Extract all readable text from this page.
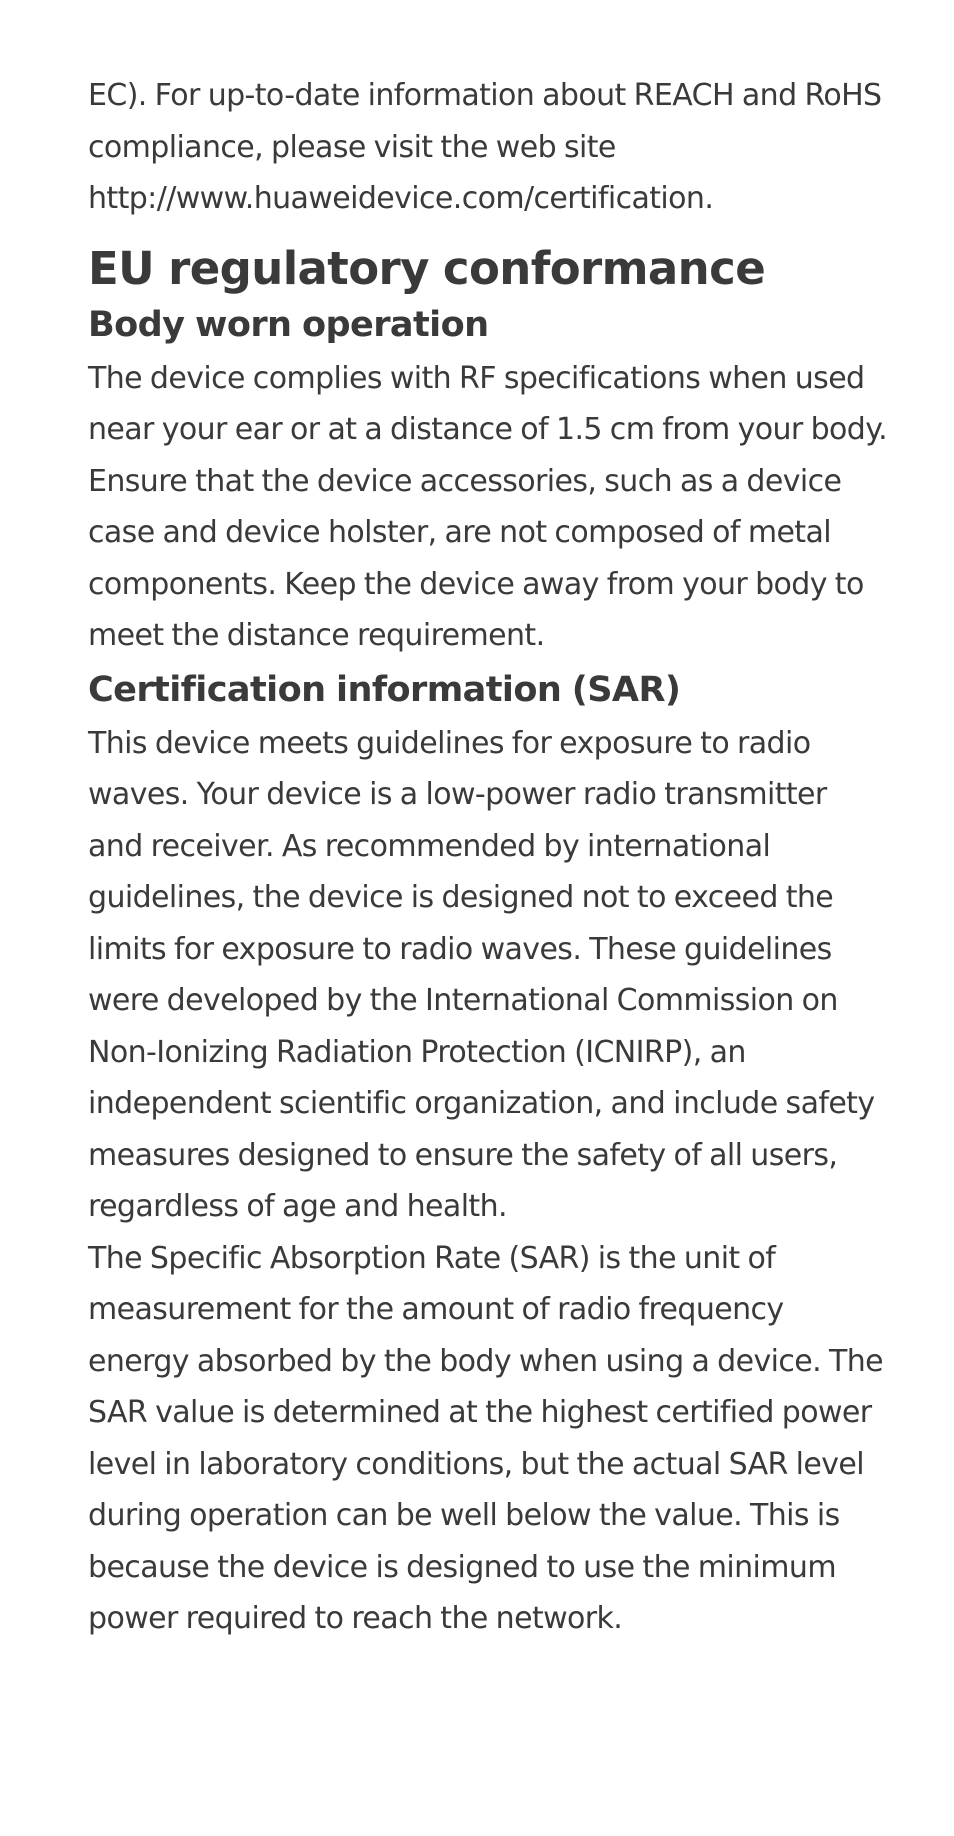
EC). For up-to-date information about REACH and RoHS compliance, please visit the web site http://www.huaweidevice.com/certification.

EU regulatory conformance
Body worn operation

The device complies with RF specifications when used near your ear or at a distance of 1.5 cm from your body. Ensure that the device accessories, such as a device case and device holster, are not composed of metal components. Keep the device away from your body to meet the distance requirement.

Certification information (SAR)

This device meets guidelines for exposure to radio waves. Your device is a low-power radio transmitter and receiver. As recommended by international guidelines, the device is designed not to exceed the limits for exposure to radio waves. These guidelines were developed by the International Commission on Non-Ionizing Radiation Protection (ICNIRP), an independent scientific organization, and include safety measures designed to ensure the safety of all users, regardless of age and health.

The Specific Absorption Rate (SAR) is the unit of measurement for the amount of radio frequency energy absorbed by the body when using a device. The SAR value is determined at the highest certified power level in laboratory conditions, but the actual SAR level during operation can be well below the value. This is because the device is designed to use the minimum power required to reach the network.
